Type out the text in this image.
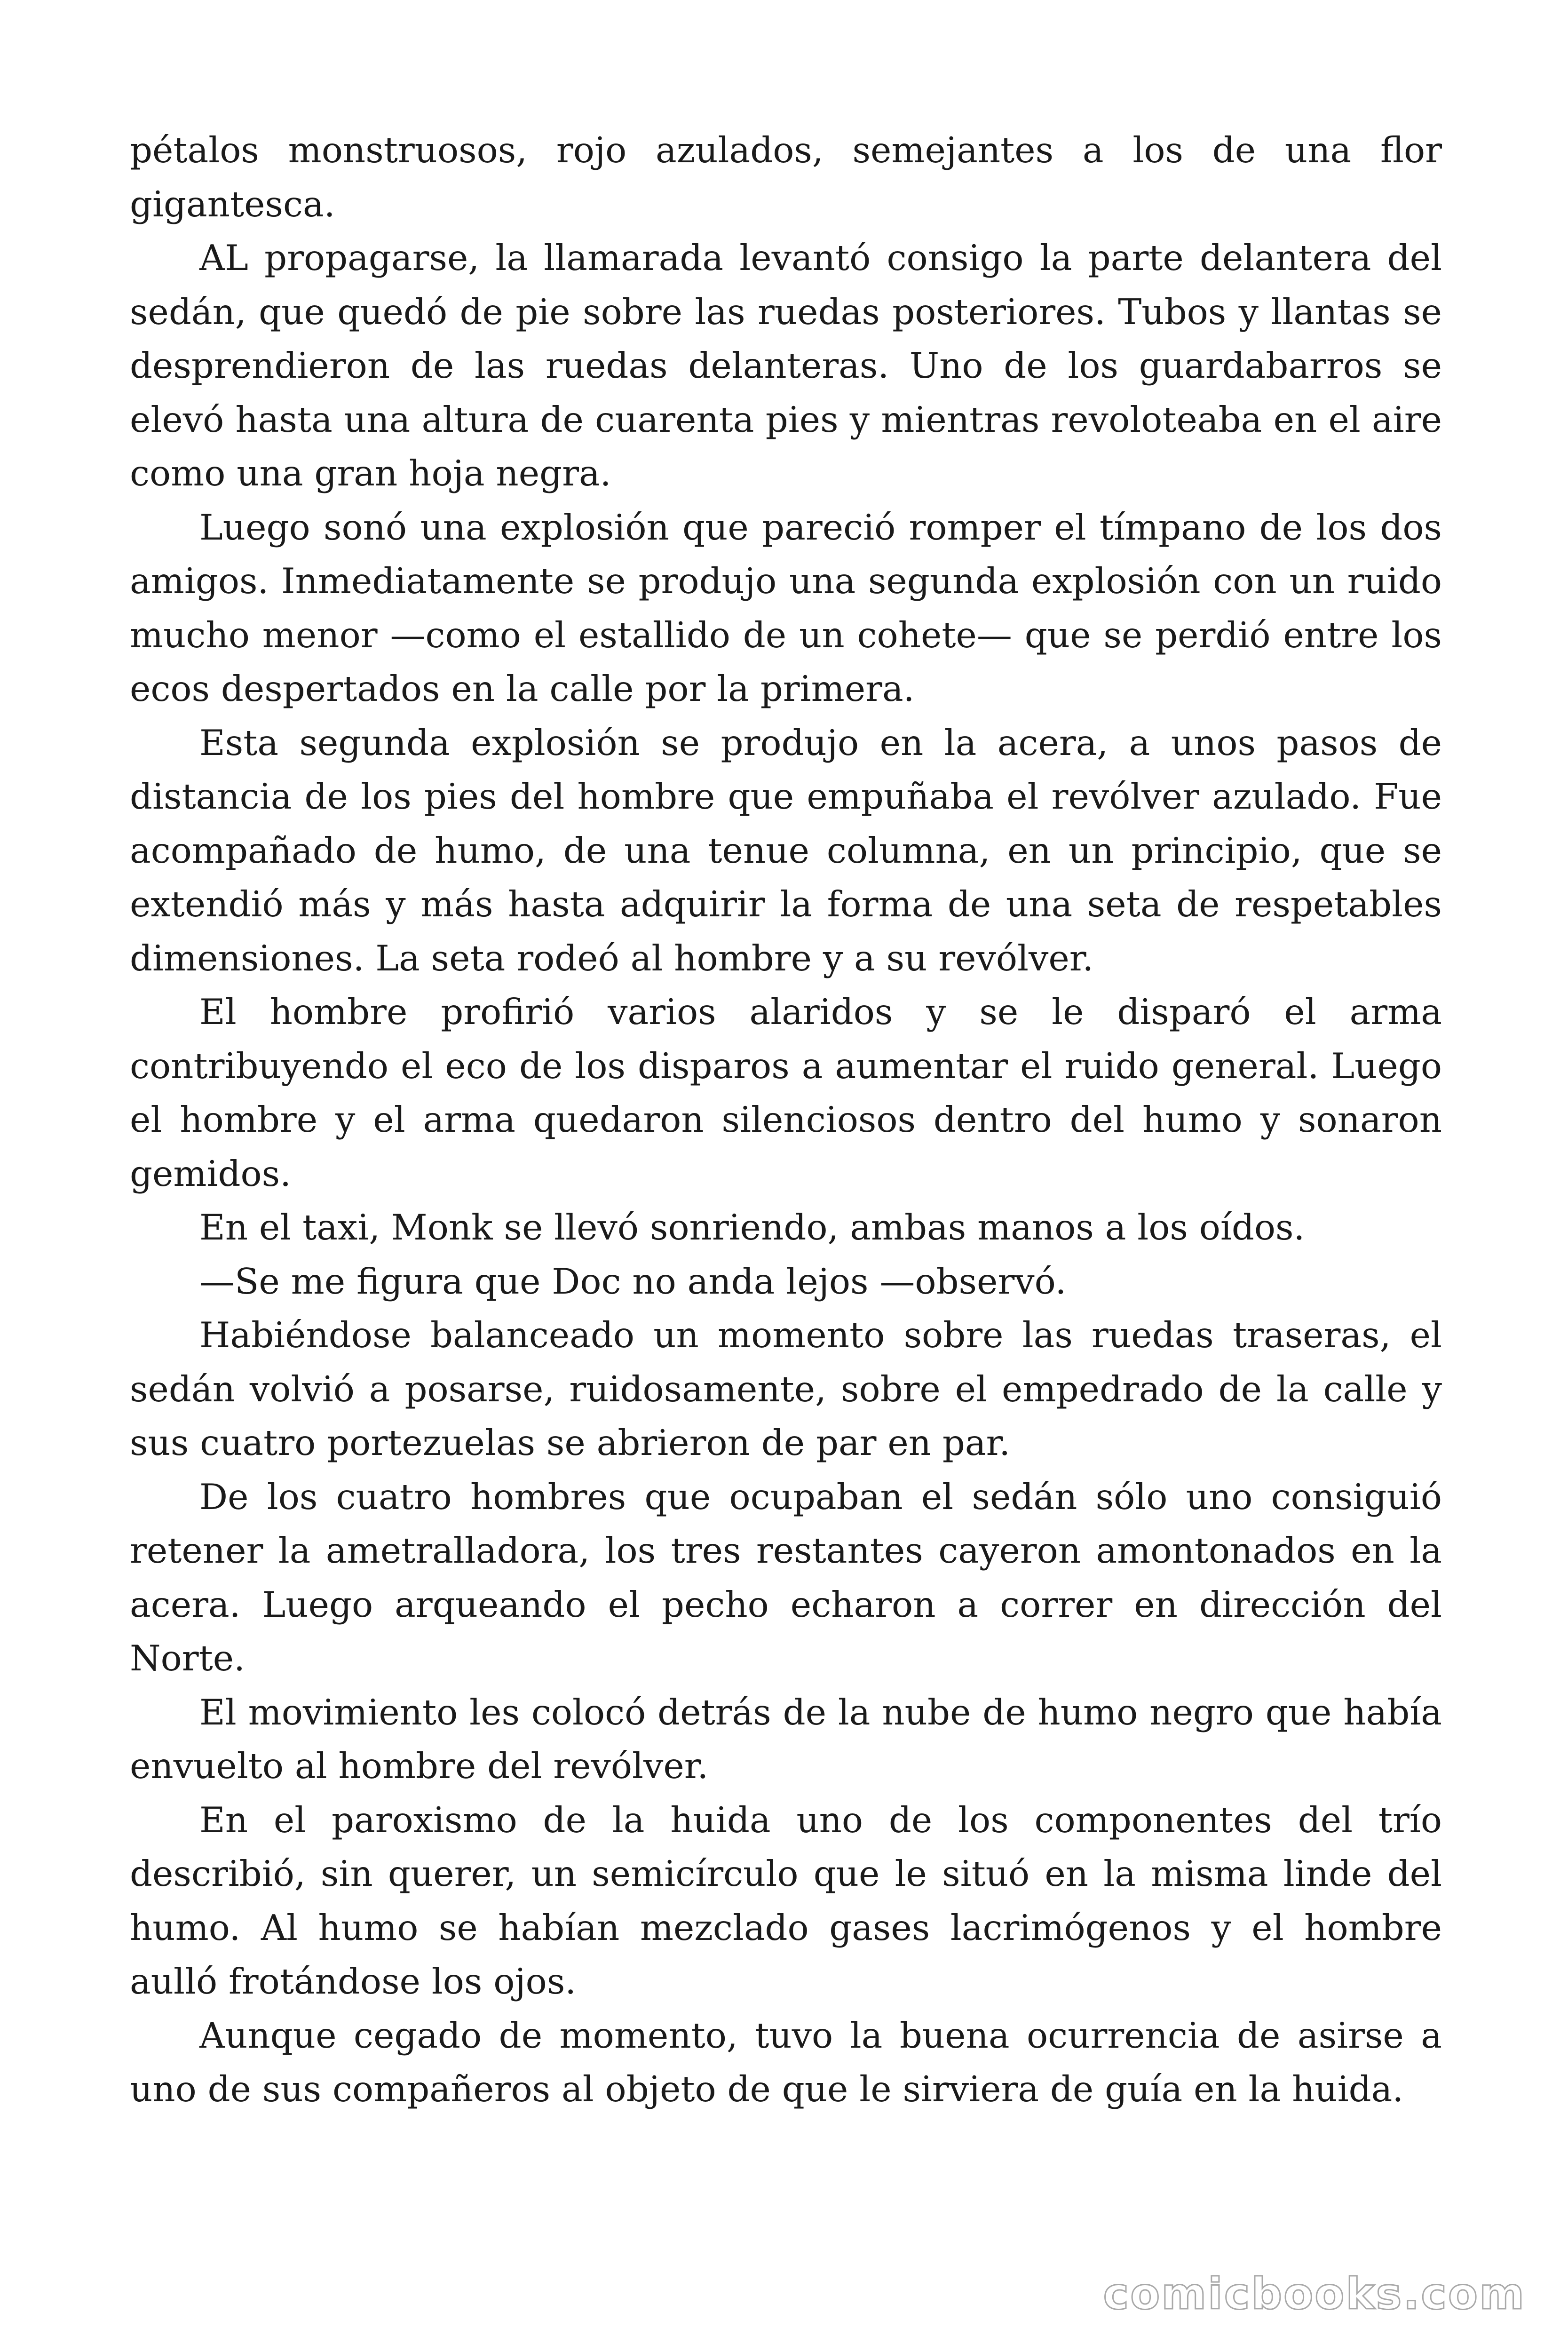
pétalos monstruosos, rojo azulados, semejantes a los de una flor gigantesca.

AL propagarse, la llamarada levantó consigo la parte delantera del sedán, que quedó de pie sobre las ruedas posteriores. Tubos y llantas se desprendieron de las ruedas delanteras. Uno de los guardabarros se elevó hasta una altura de cuarenta pies y mientras revoloteaba en el aire como una gran hoja negra.

Luego sonó una explosión que pareció romper el tímpano de los dos amigos. Inmediatamente se produjo una segunda explosión con un ruido mucho menor —como el estallido de un cohete— que se perdió entre los ecos despertados en la calle por la primera.

Esta segunda explosión se produjo en la acera, a unos pasos de distancia de los pies del hombre que empuñaba el revólver azulado. Fue acompañado de humo, de una tenue columna, en un principio, que se extendió más y más hasta adquirir la forma de una seta de respetables dimensiones. La seta rodeó al hombre y a su revólver.

El hombre profirió varios alaridos y se le disparó el arma contribuyendo el eco de los disparos a aumentar el ruido general. Luego el hombre y el arma quedaron silenciosos dentro del humo y sonaron gemidos.

En el taxi, Monk se llevó sonriendo, ambas manos a los oídos.

—Se me figura que Doc no anda lejos —observó.

Habiéndose balanceado un momento sobre las ruedas traseras, el sedán volvió a posarse, ruidosamente, sobre el empedrado de la calle y sus cuatro portezuelas se abrieron de par en par.

De los cuatro hombres que ocupaban el sedán sólo uno consiguió retener la ametralladora, los tres restantes cayeron amontonados en la acera. Luego arqueando el pecho echaron a correr en dirección del Norte.

El movimiento les colocó detrás de la nube de humo negro que había envuelto al hombre del revólver.

En el paroxismo de la huida uno de los componentes del trío describió, sin querer, un semicírculo que le situó en la misma linde del humo. Al humo se habían mezclado gases lacrimógenos y el hombre aulló frotándose los ojos.

Aunque cegado de momento, tuvo la buena ocurrencia de asirse a uno de sus compañeros al objeto de que le sirviera de guía en la huida.

comicbooks.com
